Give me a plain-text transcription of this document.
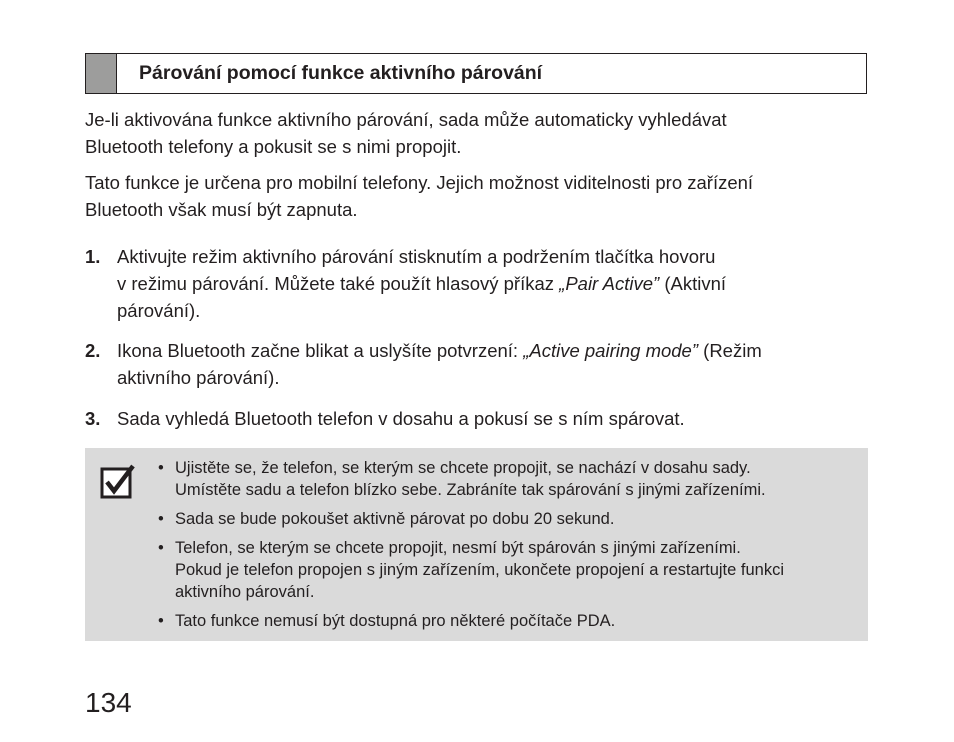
Párování pomocí funkce aktivního párování

Je-li aktivována funkce aktivního párování, sada může automaticky vyhledávat
Bluetooth telefony a pokusit se s nimi propojit.

Tato funkce je určena pro mobilní telefony. Jejich možnost viditelnosti pro zařízení
Bluetooth však musí být zapnuta.

1. Aktivujte režim aktivního párování stisknutím a podržením tlačítka hovoru
v režimu párování. Můžete také použít hlasový příkaz „Pair Active” (Aktivní
párování).
2. Ikona Bluetooth začne blikat a uslyšíte potvrzení: „Active pairing mode” (Režim
aktivního párování).
3. Sada vyhledá Bluetooth telefon v dosahu a pokusí se s ním spárovat.
• Ujistěte se, že telefon, se kterým se chcete propojit, se nachází v dosahu sady.
Umístěte sadu a telefon blízko sebe. Zabráníte tak spárování s jinými zařízeními.
• Sada se bude pokoušet aktivně párovat po dobu 20 sekund.
• Telefon, se kterým se chcete propojit, nesmí být spárován s jinými zařízeními.
Pokud je telefon propojen s jiným zařízením, ukončete propojení a restartujte funkci
aktivního párování.
• Tato funkce nemusí být dostupná pro některé počítače PDA.
134
